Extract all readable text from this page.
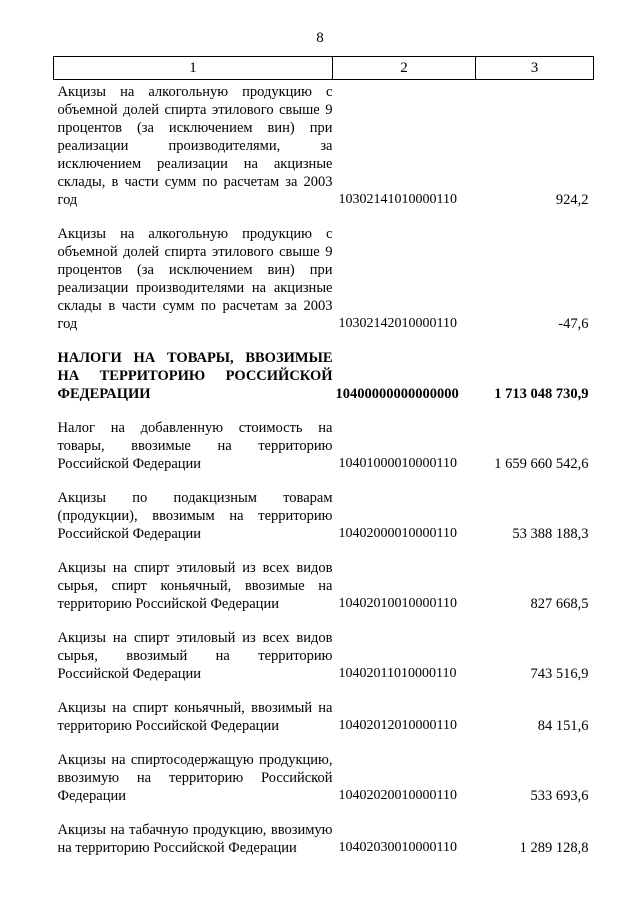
8
1	2	3
Акцизы на алкогольную продукцию с объемной долей спирта этилового свыше 9 процентов (за исключением вин) при реализации производителями, за исключением реализации на акцизные склады, в части сумм по расчетам за 2003 год	10302141010000110	924,2
Акцизы на алкогольную продукцию с объемной долей спирта этилового свыше 9 процентов (за исключением вин) при реализации производителями на акцизные склады в части сумм по расчетам за 2003 год	10302142010000110	-47,6
НАЛОГИ НА ТОВАРЫ, ВВОЗИМЫЕ НА ТЕРРИТОРИЮ РОССИЙСКОЙ ФЕДЕРАЦИИ	10400000000000000	1 713 048 730,9
Налог на добавленную стоимость на товары, ввозимые на территорию Российской Федерации	10401000010000110	1 659 660 542,6
Акцизы по подакцизным товарам (продукции), ввозимым на территорию Российской Федерации	10402000010000110	53 388 188,3
Акцизы на спирт этиловый из всех видов сырья, спирт коньячный, ввозимые на территорию Российской Федерации	10402010010000110	827 668,5
Акцизы на спирт этиловый из всех видов сырья, ввозимый на территорию Российской Федерации	10402011010000110	743 516,9
Акцизы на спирт коньячный, ввозимый на территорию Российской Федерации	10402012010000110	84 151,6
Акцизы на спиртосодержащую продукцию, ввозимую на территорию Российской Федерации	10402020010000110	533 693,6
Акцизы на табачную продукцию, ввозимую на территорию Российской Федерации	10402030010000110	1 289 128,8
